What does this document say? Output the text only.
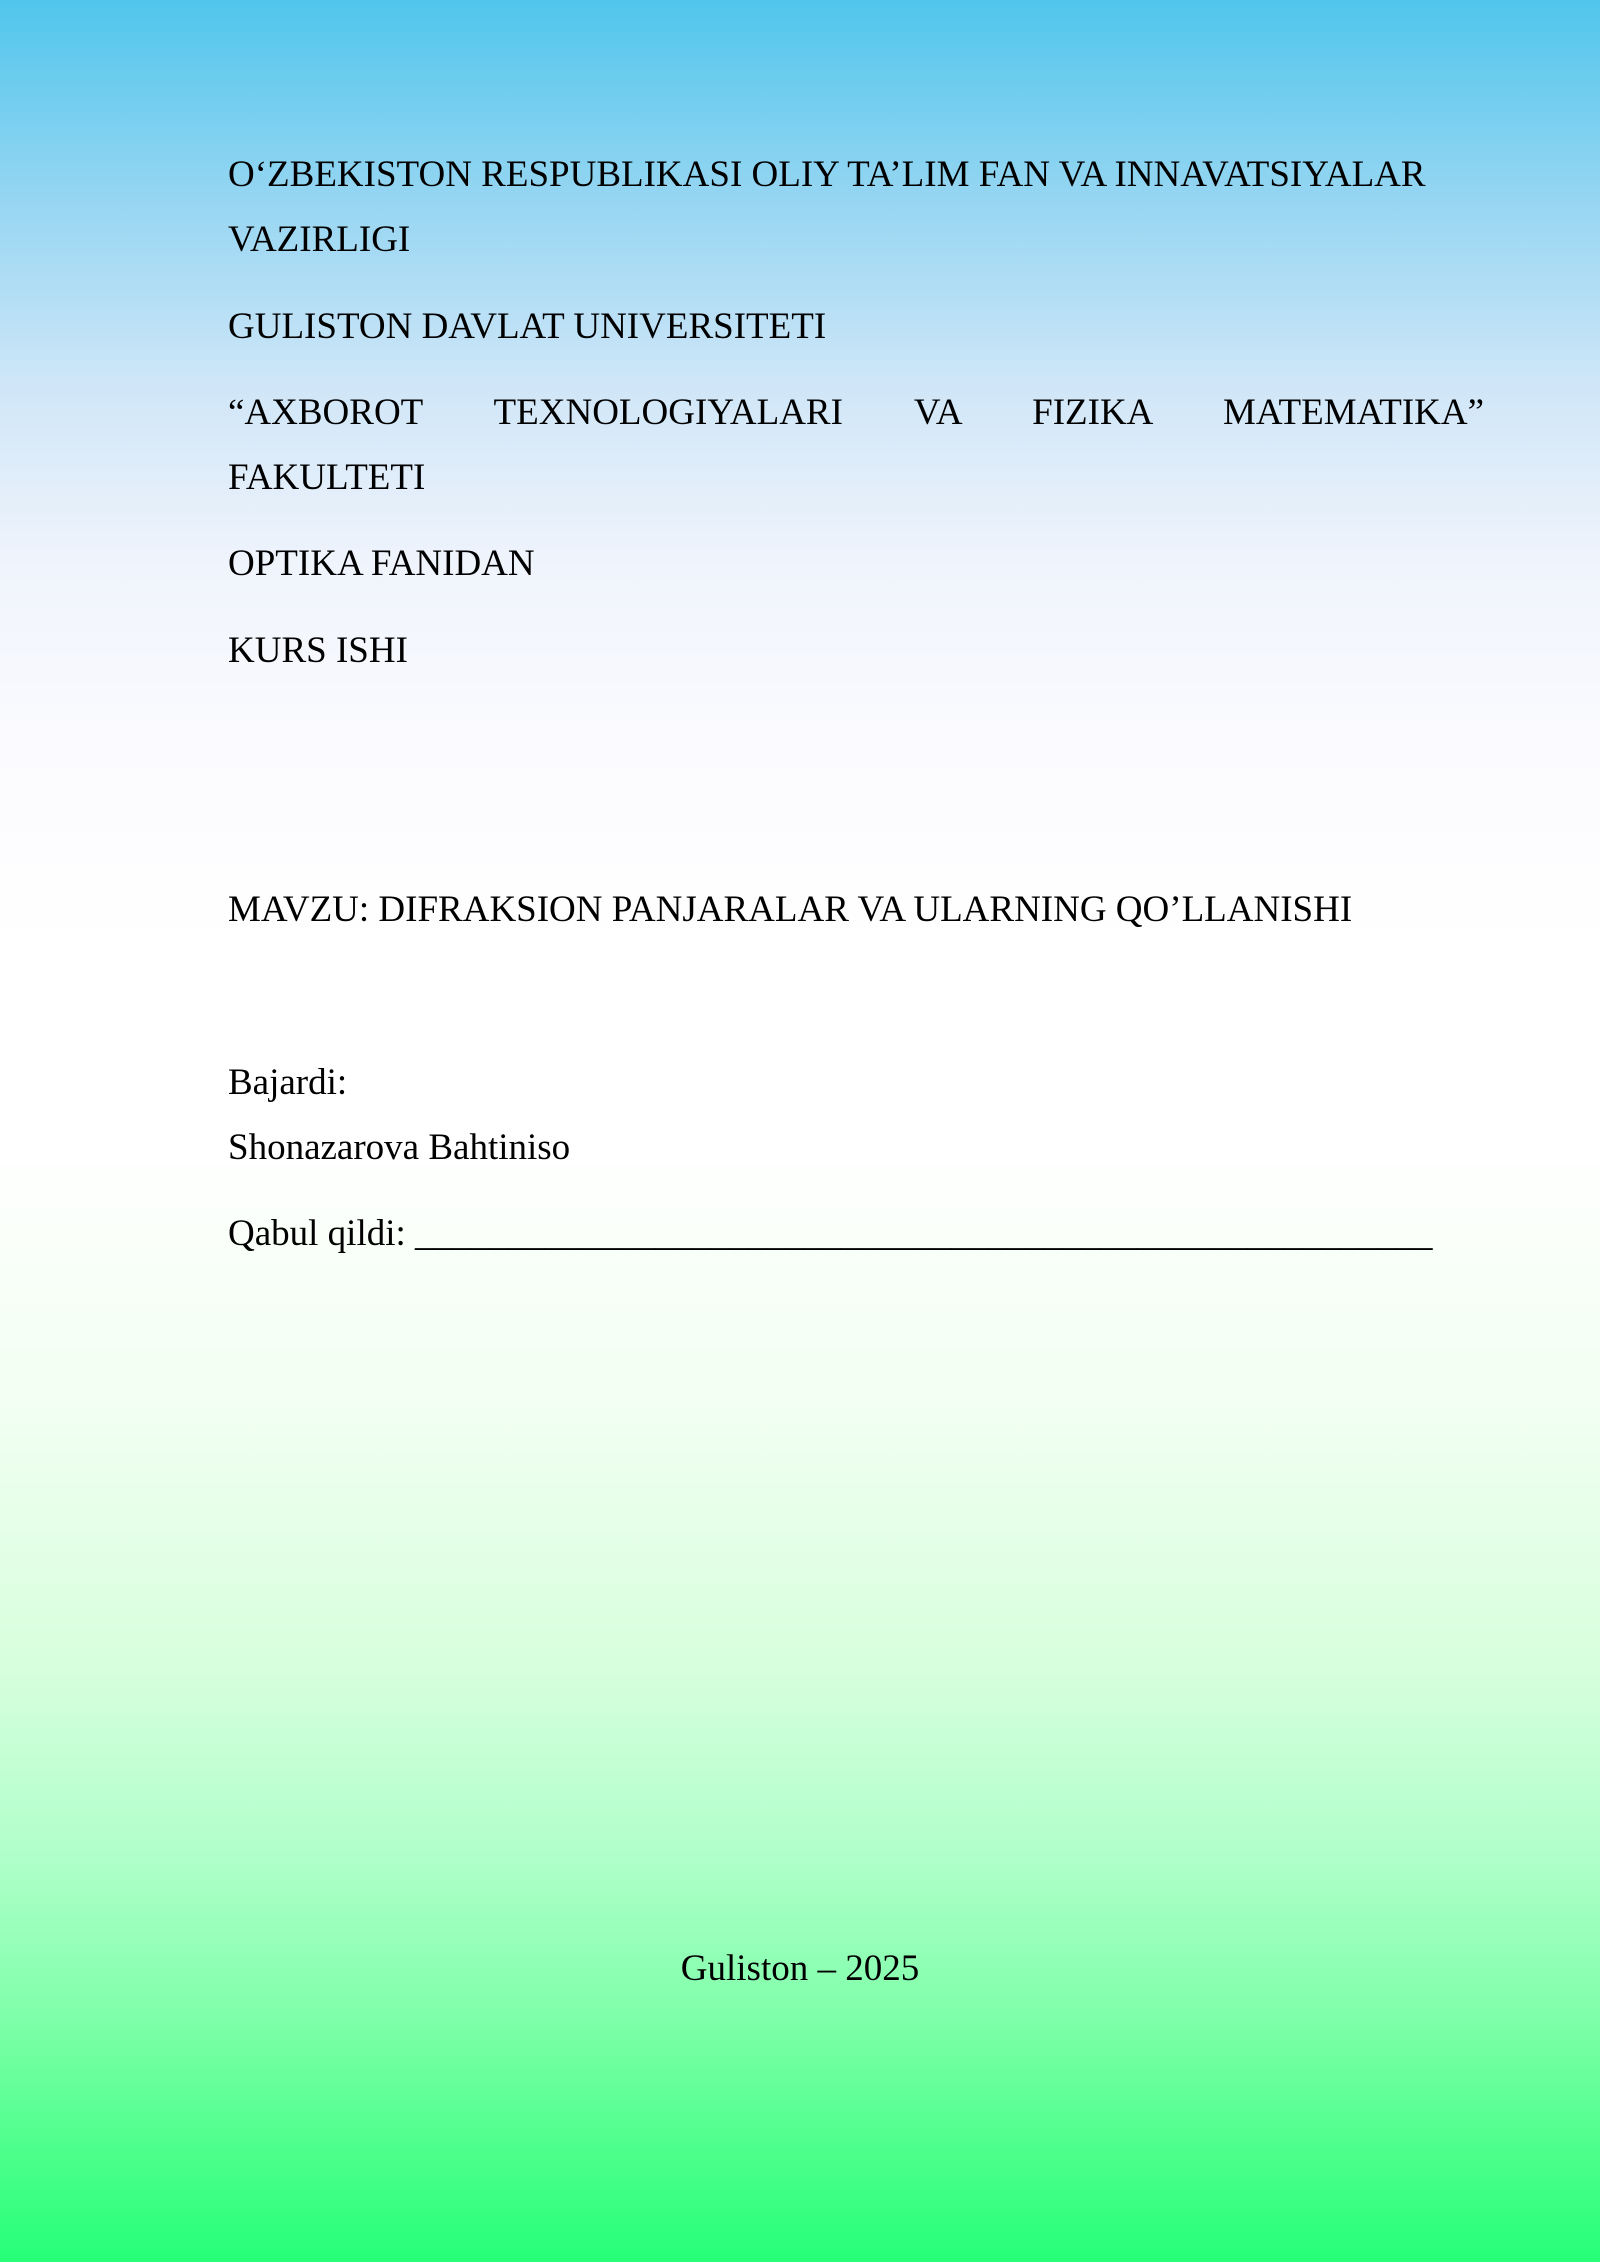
O‘ZBEKISTON RESPUBLIKASI OLIY TA’LIM FAN VA INNAVATSIYALAR

VAZIRLIGI

GULISTON DAVLAT UNIVERSITETI

“AXBOROT TEXNOLOGIYALARI VA FIZIKA MATEMATIKA”

FAKULTETI

OPTIKA FANIDAN

KURS ISHI

MAVZU: DIFRAKSION PANJARALAR VA ULARNING QO’LLANISHI

Bajardi:

Shonazarova Bahtiniso

Qabul qildi: _______________________________________________________

Guliston – 2025
